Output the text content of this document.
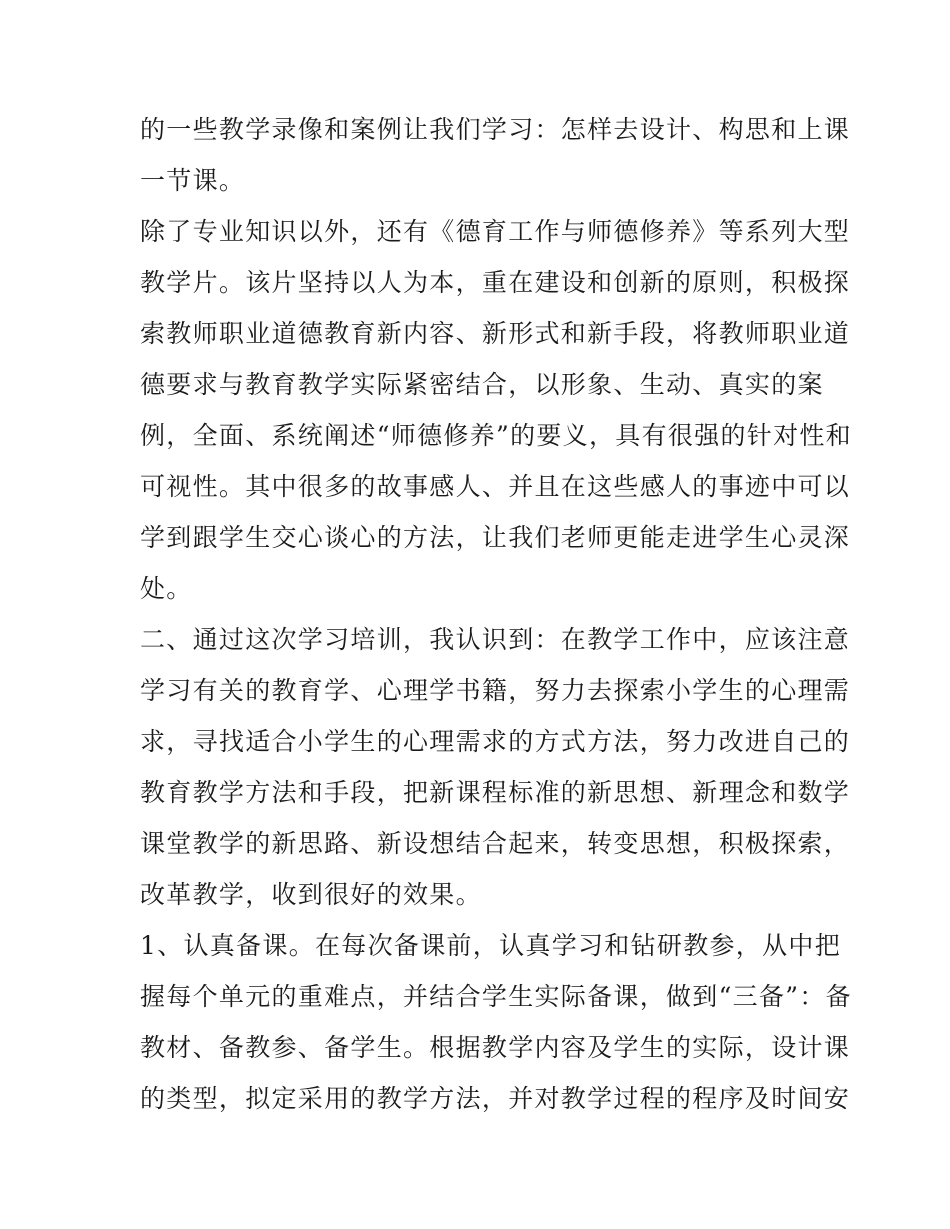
的一些教学录像和案例让我们学习：怎样去设计、构思和上课
一节课。
除了专业知识以外，还有《德育工作与师德修养》等系列大型
教学片。该片坚持以人为本，重在建设和创新的原则，积极探
索教师职业道德教育新内容、新形式和新手段，将教师职业道
德要求与教育教学实际紧密结合，以形象、生动、真实的案
例，全面、系统阐述“师德修养”的要义，具有很强的针对性和
可视性。其中很多的故事感人、并且在这些感人的事迹中可以
学到跟学生交心谈心的方法，让我们老师更能走进学生心灵深
处。
二、通过这次学习培训，我认识到：在教学工作中，应该注意
学习有关的教育学、心理学书籍，努力去探索小学生的心理需
求，寻找适合小学生的心理需求的方式方法，努力改进自己的
教育教学方法和手段，把新课程标准的新思想、新理念和数学
课堂教学的新思路、新设想结合起来，转变思想，积极探索，
改革教学，收到很好的效果。
1、认真备课。在每次备课前，认真学习和钻研教参，从中把
握每个单元的重难点，并结合学生实际备课，做到“三备”：备
教材、备教参、备学生。根据教学内容及学生的实际，设计课
的类型，拟定采用的教学方法，并对教学过程的程序及时间安
